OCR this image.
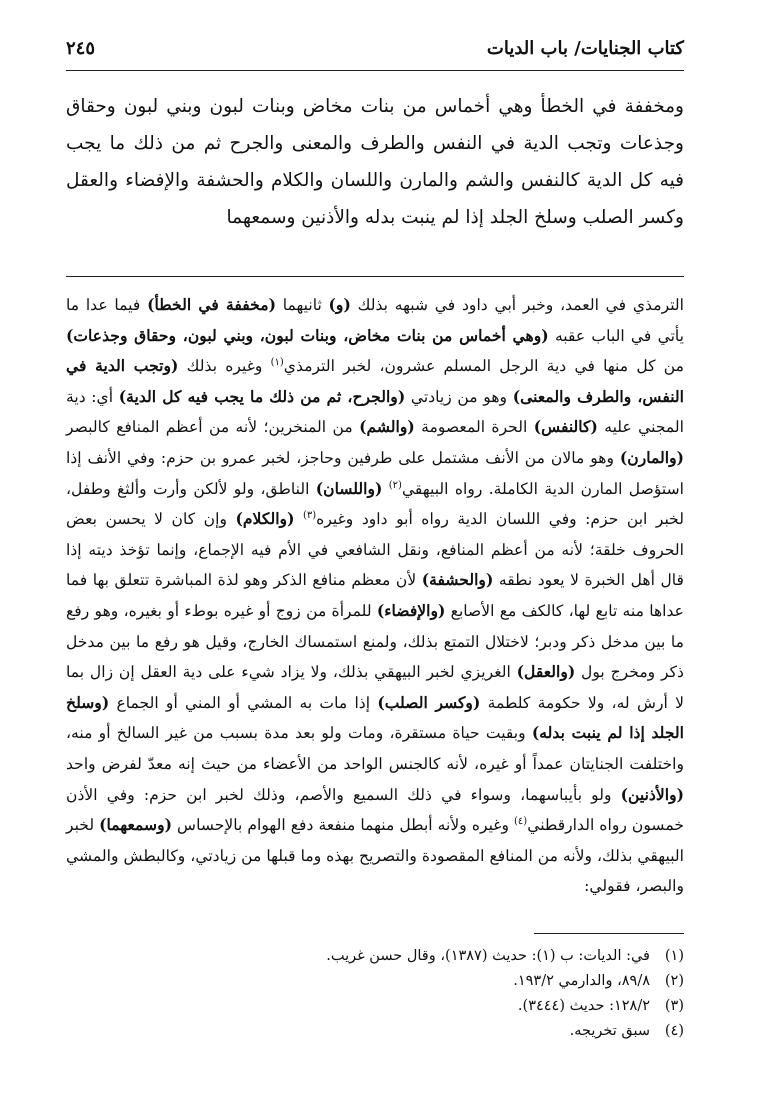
كتاب الجنايات/ باب الديات
٢٤٥

ومخففة في الخطأ وهي أخماس من بنات مخاض وبنات لبون وبني لبون وحقاق وجذعات وتجب الدية في النفس والطرف والمعنى والجرح ثم من ذلك ما يجب فيه كل الدية كالنفس والشم والمارن واللسان والكلام والحشفة والإفضاء والعقل وكسر الصلب وسلخ الجلد إذا لم ينبت بدله والأذنين وسمعهما

الترمذي في العمد، وخبر أبي داود في شبهه بذلك (و) ثانيهما (مخففة في الخطأ) فيما عدا ما يأتي في الباب عقبه (وهي أخماس من بنات مخاض، وبنات لبون، وبني لبون، وحقاق وجذعات) من كل منها في دية الرجل المسلم عشرون، لخبر الترمذي$^{(١)}$ وغيره بذلك (وتجب الدية في النفس، والطرف والمعنى) وهو من زيادتي (والجرح، ثم من ذلك ما يجب فيه كل الدية) أي: دية المجني عليه (كالنفس) الحرة المعصومة (والشم) من المنخرين؛ لأنه من أعظم المنافع كالبصر (والمارن) وهو مالان من الأنف مشتمل على طرفين وحاجز، لخبر عمرو بن حزم: وفي الأنف إذا استؤصل المارن الدية الكاملة. رواه البيهقي$^{(٢)}$ (واللسان) الناطق، ولو لألكن وأرت وألثغ وطفل، لخبر ابن حزم: وفي اللسان الدية رواه أبو داود وغيره$^{(٣)}$ (والكلام) وإن كان لا يحسن بعض الحروف خلقة؛ لأنه من أعظم المنافع، ونقل الشافعي في الأم فيه الإجماع، وإنما تؤخذ ديته إذا قال أهل الخبرة لا يعود نطقه (والحشفة) لأن معظم منافع الذكر وهو لذة المباشرة تتعلق بها فما عداها منه تابع لها، كالكف مع الأصابع (والإفضاء) للمرأة من زوج أو غيره بوطء أو بغيره، وهو رفع ما بين مدخل ذكر ودبر؛ لاختلال التمتع بذلك، ولمنع استمساك الخارج، وقيل هو رفع ما بين مدخل ذكر ومخرج بول (والعقل) الغريزي لخبر البيهقي بذلك، ولا يزاد شيء على دية العقل إن زال بما لا أرش له، ولا حكومة كلطمة (وكسر الصلب) إذا مات به المشي أو المني أو الجماع (وسلخ الجلد إذا لم ينبت بدله) وبقيت حياة مستقرة، ومات ولو بعد مدة بسبب من غير السالخ أو منه، واختلفت الجنايتان عمداً أو غيره، لأنه كالجنس الواحد من الأعضاء من حيث إنه معدّ لفرض واحد (والأذنين) ولو بأيباسهما، وسواء في ذلك السميع والأصم، وذلك لخبر ابن حزم: وفي الأذن خمسون رواه الدارقطني$^{(٤)}$ وغيره ولأنه أبطل منهما منفعة دفع الهوام بالإحساس (وسمعهما) لخبر البيهقي بذلك، ولأنه من المنافع المقصودة والتصريح بهذه وما قبلها من زيادتي، وكالبطش والمشي والبصر، فقولي:

(١)في: الديات: ب (١): حديث (١٣٨٧)، وقال حسن غريب.
(٢)٨٩/٨، والدارمي ١٩٣/٢.
(٣)١٢٨/٢: حديث (٣٤٤٤).
(٤)سبق تخريجه.
